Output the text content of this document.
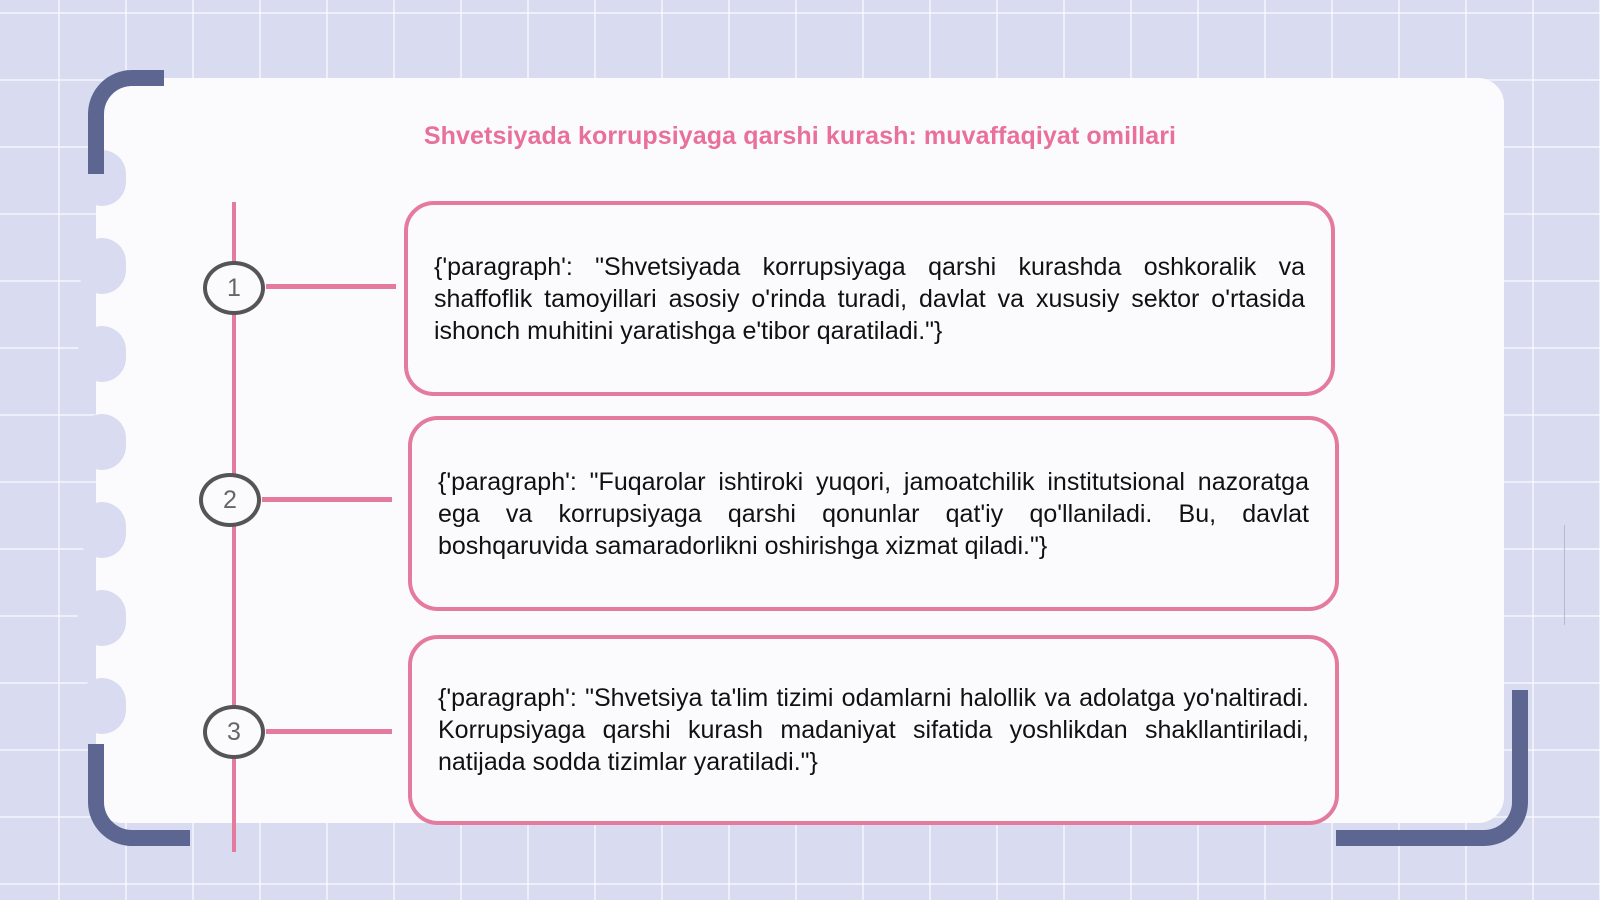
Shvetsiyada korrupsiyaga qarshi kurash: muvaffaqiyat omillari
1
2
3
{'paragraph': "Shvetsiyada korrupsiyaga qarshi kurashda oshkoralik va shaffoflik tamoyillari asosiy o'rinda turadi, davlat va xususiy sektor o'rtasida ishonch muhitini yaratishga e'tibor qaratiladi."}
{'paragraph': "Fuqarolar ishtiroki yuqori, jamoatchilik institutsional nazoratga ega va korrupsiyaga qarshi qonunlar qat'iy qo'llaniladi. Bu, davlat boshqaruvida samaradorlikni oshirishga xizmat qiladi."}
{'paragraph': "Shvetsiya ta'lim tizimi odamlarni halollik va adolatga yo'naltiradi. Korrupsiyaga qarshi kurash madaniyat sifatida yoshlikdan shakllantiriladi, natijada sodda tizimlar yaratiladi."}
